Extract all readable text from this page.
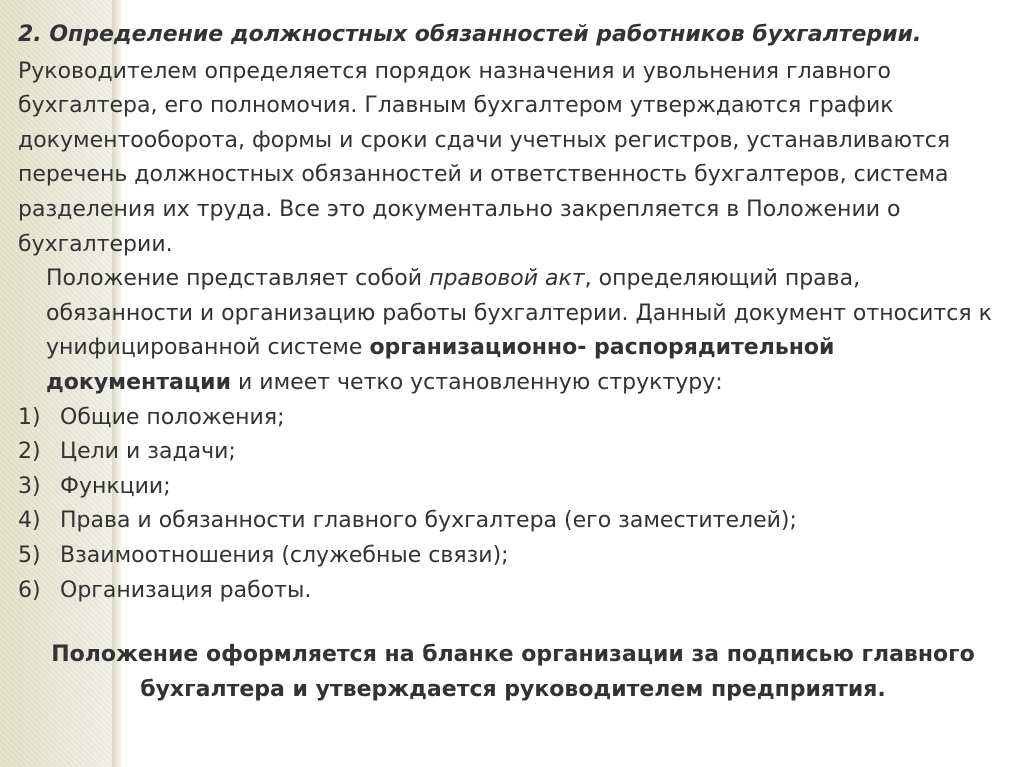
2. Определение должностных обязанностей работников бухгалтерии.

Руководителем определяется порядок назначения и увольнения главного бухгалтера, его полномочия. Главным бухгалтером утверждаются график документооборота, формы и сроки сдачи учетных регистров, устанавливаются перечень должностных обязанностей и ответственность бухгалтеров, система разделения их труда. Все это документально закрепляется в Положении о бухгалтерии.

Положение представляет собой правовой акт, определяющий права, обязанности и организацию работы бухгалтерии. Данный документ относится к унифицированной системе организационно- распорядительной документации и имеет четко установленную структуру:

1) Общие положения;
2) Цели и задачи;
3) Функции;
4) Права и обязанности главного бухгалтера (его заместителей);
5) Взаимоотношения (служебные связи);
6) Организация работы.

Положение оформляется на бланке организации за подписью главного бухгалтера и утверждается руководителем предприятия.
